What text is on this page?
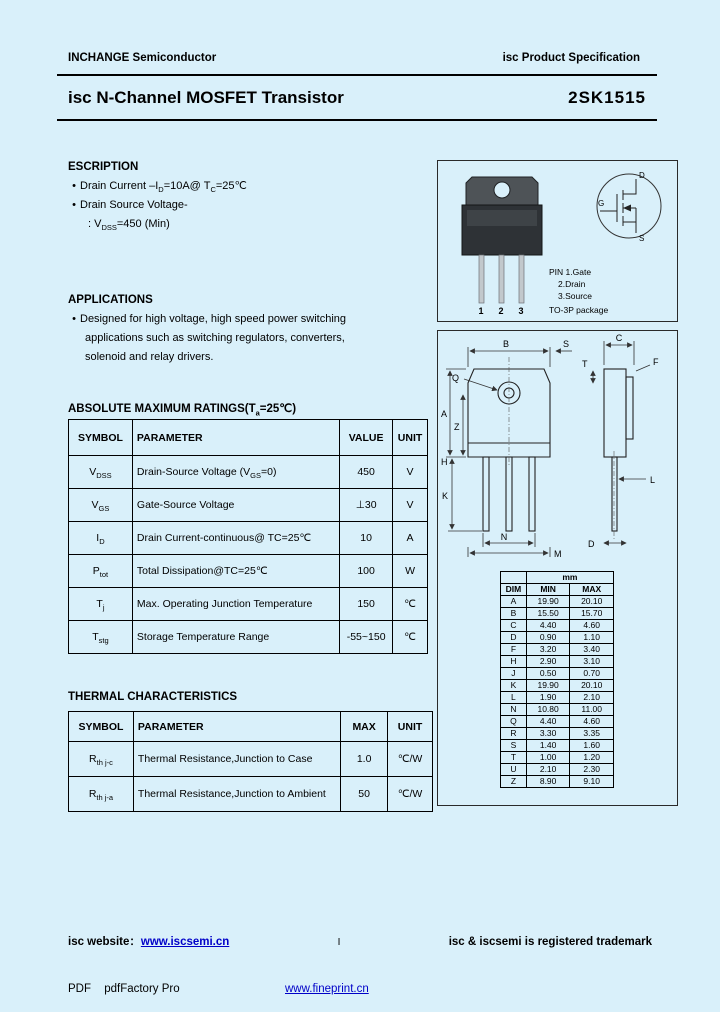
INCHANGE Semiconductor	isc Product Specification
isc N-Channel MOSFET Transistor	2SK1515
ESCRIPTION
• Drain Current $-I_D=10A@$ $T_C=25℃$
• Drain Source Voltage-
: $V_{DSS}=450$ (Min)
APPLICATIONS
• Designed for high voltage, high speed power switching
applications such as switching regulators, converters,
solenoid and relay drivers.
ABSOLUTE MAXIMUM $RATINGS(T_a=25℃)$
SYMBOL	PARAMETER	VALUE	UNIT
$V_{DSS}$	Drain-Source Voltage $(V_{GS}=0)$	450	V
$V_{GS}$	Gate-Source Voltage	⊥30	V
$I_D$	Drain Current-continuous@ TC=25℃	10	A
$P_{tot}$	Total Dissipation@TC=25℃	100	W
$T_j$	Max. Operating Junction Temperature	150	℃
$T_{stg}$	Storage Temperature Range	-55~150	℃
THERMAL CHARACTERISTICS
SYMBOL	PARAMETER	MAX	UNIT
$R_{th j-c}$	Thermal Resistance,Junction to Case	1.0	℃/W
$R_{th j-a}$	Thermal Resistance,Junction to Ambient	50	℃/W
1 2 3
D
G
S
PIN 1.Gate
2.Drain
3.Source
TO-3P package
B	S
C
F
T
Q
A
Z
H
K
N
M
D
L
	mm	
DIM	MIN	MAX
A	19.90	20.10
B	15.50	15.70
C	4.40	4.60
D	0.90	1.10
F	3.20	3.40
H	2.90	3.10
J	0.50	0.70
K	19.90	20.10
L	1.90	2.10
N	10.80	11.00
Q	4.40	4.60
R	3.30	3.35
S	1.40	1.60
T	1.00	1.20
U	2.10	2.30
Z	8.90	9.10
isc website：www.iscsemi.cn	I	isc & iscsemi is registered trademark
PDF pdfFactory Pro	www.fineprint.cn
